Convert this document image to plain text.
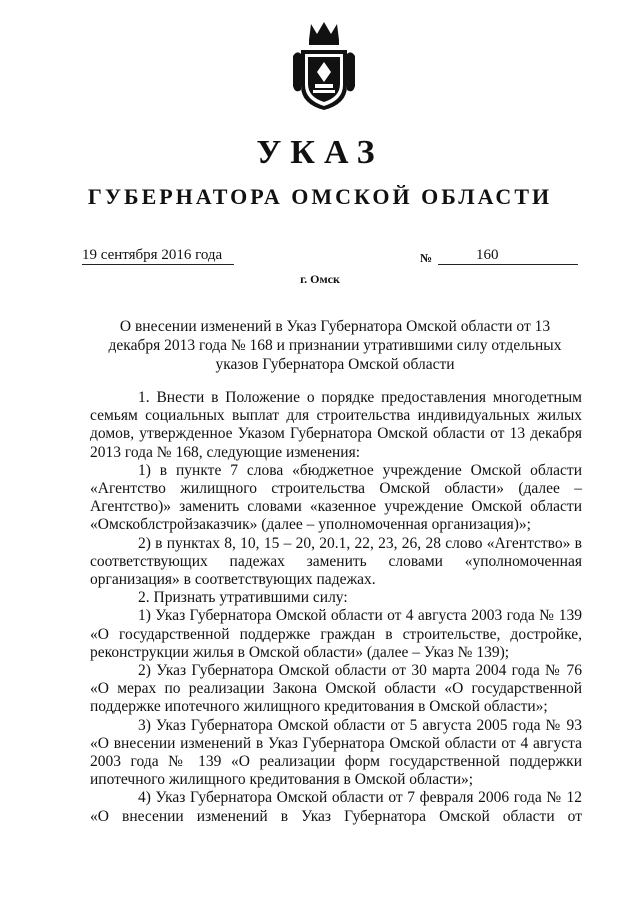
УКАЗ
ГУБЕРНАТОРА ОМСКОЙ ОБЛАСТИ
19 сентября 2016 года	№	160
г. Омск
О внесении изменений в Указ Губернатора Омской области от 13 декабря 2013 года № 168 и признании утратившими силу отдельных указов Губернатора Омской области

1. Внести в Положение о порядке предоставления многодетным семьям социальных выплат для строительства индивидуальных жилых домов, утвержденное Указом Губернатора Омской области от 13 декабря 2013 года № 168, следующие изменения:

1) в пункте 7 слова «бюджетное учреждение Омской области «Агентство жилищного строительства Омской области» (далее – Агентство)» заменить словами «казенное учреждение Омской области «Омскоблстройзаказчик» (далее – уполномоченная организация)»;

2) в пунктах 8, 10, 15 – 20, 20.1, 22, 23, 26, 28 слово «Агентство» в соответствующих падежах заменить словами «уполномоченная организация» в соответствующих падежах.

2. Признать утратившими силу:

1) Указ Губернатора Омской области от 4 августа 2003 года № 139 «О государственной поддержке граждан в строительстве, достройке, реконструкции жилья в Омской области» (далее – Указ № 139);

2) Указ Губернатора Омской области от 30 марта 2004 года № 76 «О мерах по реализации Закона Омской области «О государственной поддержке ипотечного жилищного кредитования в Омской области»;

3) Указ Губернатора Омской области от 5 августа 2005 года № 93 «О внесении изменений в Указ Губернатора Омской области от 4 августа 2003 года № 139 «О реализации форм государственной поддержки ипотечного жилищного кредитования в Омской области»;

4) Указ Губернатора Омской области от 7 февраля 2006 года № 12 «О внесении изменений в Указ Губернатора Омской области от
